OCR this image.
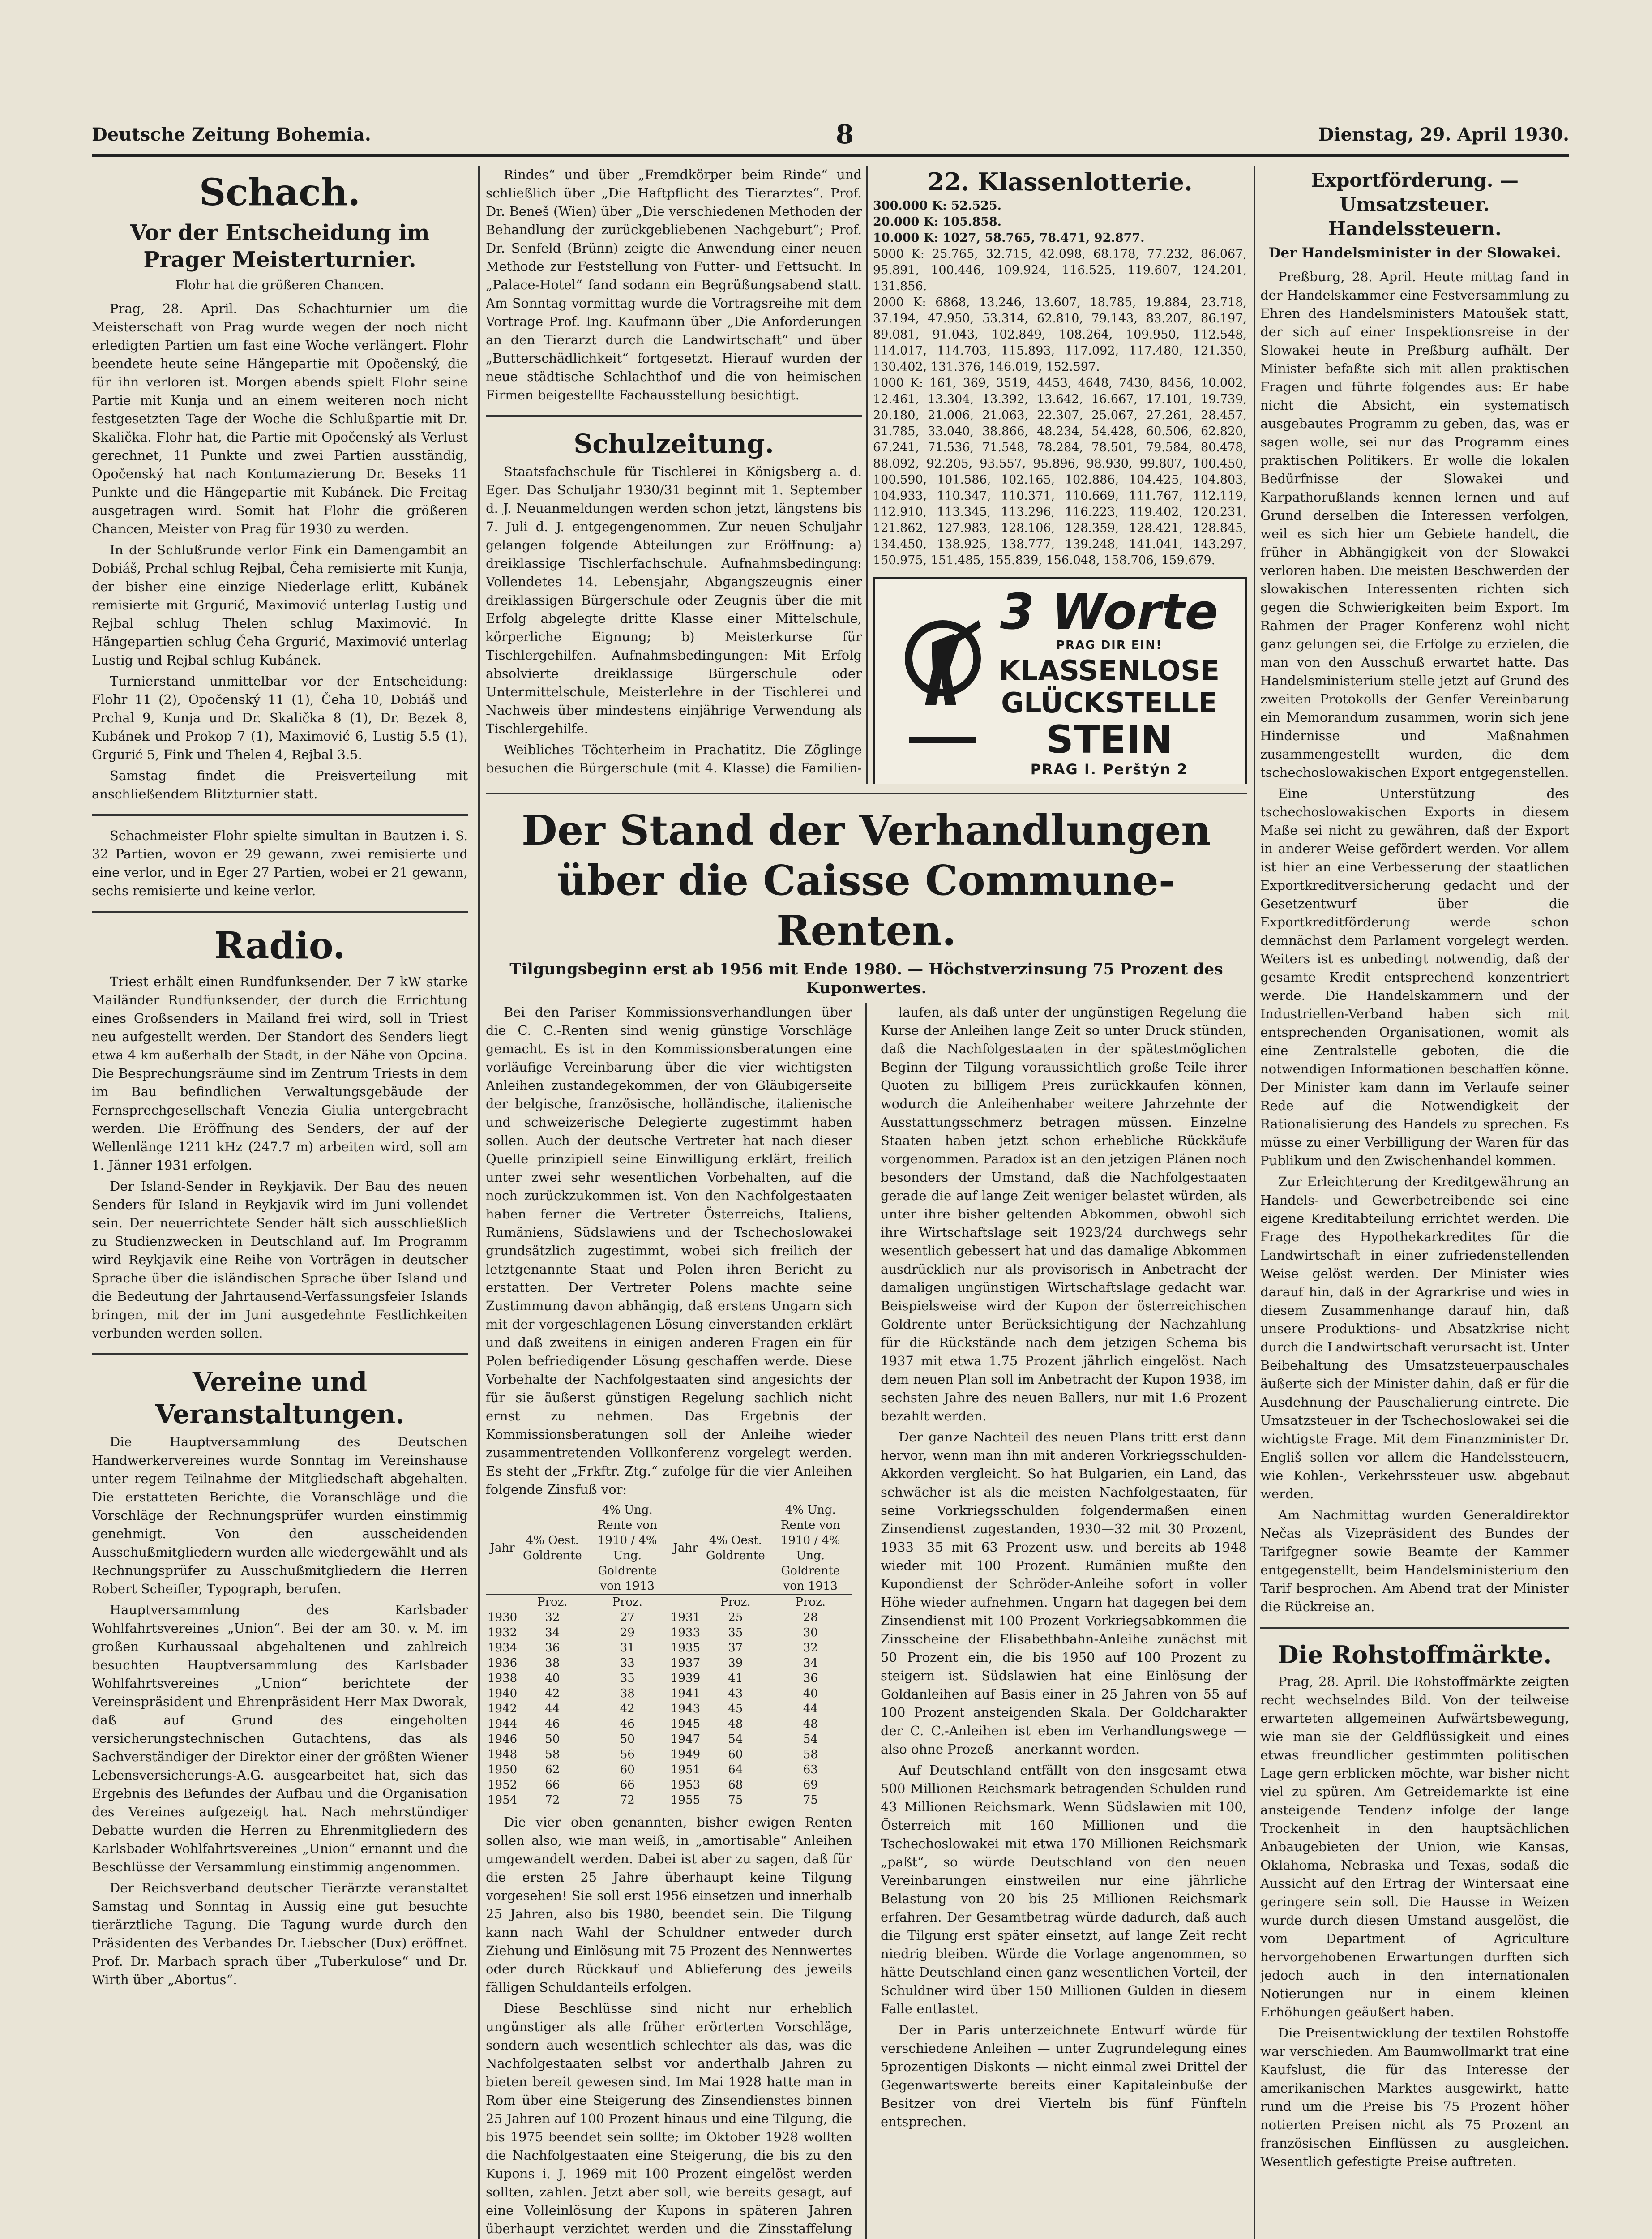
Deutsche Zeitung Bohemia.	8	Dienstag, 29. April 1930.
Schach.
Vor der Entscheidung im Prager Meisterturnier.
Flohr hat die größeren Chancen.

Prag, 28. April. Das Schachturnier um die Meisterschaft von Prag wurde wegen der noch nicht erledigten Partien um fast eine Woche verlängert. Flohr beendete heute seine Hängepartie mit Opočenský, die für ihn verloren ist. Morgen abends spielt Flohr seine Partie mit Kunja und an einem weiteren noch nicht festgesetzten Tage der Woche die Schlußpartie mit Dr. Skalička. Flohr hat, die Partie mit Opočenský als Verlust gerechnet, 11 Punkte und zwei Partien ausständig, Opočenský hat nach Kontumazierung Dr. Beseks 11 Punkte und die Hängepartie mit Kubánek. Die Freitag ausgetragen wird. Somit hat Flohr die größeren Chancen, Meister von Prag für 1930 zu werden.

In der Schlußrunde verlor Fink ein Damengambit an Dobiáš, Prchal schlug Rejbal, Čeha remisierte mit Kunja, der bisher eine einzige Niederlage erlitt, Kubánek remisierte mit Grgurić, Maximović unterlag Lustig und Rejbal schlug Thelen schlug Maximović. In Hängepartien schlug Čeha Grgurić, Maximović unterlag Lustig und Rejbal schlug Kubánek.

Turnierstand unmittelbar vor der Entscheidung: Flohr 11 (2), Opočenský 11 (1), Čeha 10, Dobiáš und Prchal 9, Kunja und Dr. Skalička 8 (1), Dr. Bezek 8, Kubánek und Prokop 7 (1), Maximović 6, Lustig 5.5 (1), Grgurić 5, Fink und Thelen 4, Rejbal 3.5.

Samstag findet die Preisverteilung mit anschließendem Blitzturnier statt.

Schachmeister Flohr spielte simultan in Bautzen i. S. 32 Partien, wovon er 29 gewann, zwei remisierte und eine verlor, und in Eger 27 Partien, wobei er 21 gewann, sechs remisierte und keine verlor.

Radio.

Triest erhält einen Rundfunksender. Der 7 kW starke Mailänder Rundfunksender, der durch die Errichtung eines Großsenders in Mailand frei wird, soll in Triest neu aufgestellt werden. Der Standort des Senders liegt etwa 4 km außerhalb der Stadt, in der Nähe von Opcina. Die Besprechungsräume sind im Zentrum Triests in dem im Bau befindlichen Verwaltungsgebäude der Fernsprechgesellschaft Venezia Giulia untergebracht werden. Die Eröffnung des Senders, der auf der Wellenlänge 1211 kHz (247.7 m) arbeiten wird, soll am 1. Jänner 1931 erfolgen.

Der Island-Sender in Reykjavik. Der Bau des neuen Senders für Island in Reykjavik wird im Juni vollendet sein. Der neuerrichtete Sender hält sich ausschließlich zu Studienzwecken in Deutschland auf. Im Programm wird Reykjavik eine Reihe von Vorträgen in deutscher Sprache über die isländischen Sprache über Island und die Bedeutung der Jahrtausend-Verfassungsfeier Islands bringen, mit der im Juni ausgedehnte Festlichkeiten verbunden werden sollen.

Vereine und Veranstaltungen.

Die Hauptversammlung des Deutschen Handwerkervereines wurde Sonntag im Vereinshause unter regem Teilnahme der Mitgliedschaft abgehalten. Die erstatteten Berichte, die Voranschläge und die Vorschläge der Rechnungsprüfer wurden einstimmig genehmigt. Von den ausscheidenden Ausschußmitgliedern wurden alle wiedergewählt und als Rechnungsprüfer zu Ausschußmitgliedern die Herren Robert Scheifler, Typograph, berufen.

Hauptversammlung des Karlsbader Wohlfahrtsvereines „Union“. Bei der am 30. v. M. im großen Kurhaussaal abgehaltenen und zahlreich besuchten Hauptversammlung des Karlsbader Wohlfahrtsvereines „Union“ berichtete der Vereinspräsident und Ehrenpräsident Herr Max Dworak, daß auf Grund des eingeholten versicherungstechnischen Gutachtens, das als Sachverständiger der Direktor einer der größten Wiener Lebensversicherungs-A.G. ausgearbeitet hat, sich das Ergebnis des Befundes der Aufbau und die Organisation des Vereines aufgezeigt hat. Nach mehrstündiger Debatte wurden die Herren zu Ehrenmitgliedern des Karlsbader Wohlfahrtsvereines „Union“ ernannt und die Beschlüsse der Versammlung einstimmig angenommen.

Der Reichsverband deutscher Tierärzte veranstaltet Samstag und Sonntag in Aussig eine gut besuchte tierärztliche Tagung. Die Tagung wurde durch den Präsidenten des Verbandes Dr. Liebscher (Dux) eröffnet. Prof. Dr. Marbach sprach über „Tuberkulose“ und Dr. Wirth über „Abortus“.

Rindes“ und über „Fremdkörper beim Rinde“ und schließlich über „Die Haftpflicht des Tierarztes“. Prof. Dr. Beneš (Wien) über „Die verschiedenen Methoden der Behandlung der zurückgebliebenen Nachgeburt“; Prof. Dr. Senfeld (Brünn) zeigte die Anwendung einer neuen Methode zur Feststellung von Futter- und Fettsucht. In „Palace-Hotel“ fand sodann ein Begrüßungsabend statt. Am Sonntag vormittag wurde die Vortragsreihe mit dem Vortrage Prof. Ing. Kaufmann über „Die Anforderungen an den Tierarzt durch die Landwirtschaft“ und über „Butterschädlichkeit“ fortgesetzt. Hierauf wurden der neue städtische Schlachthof und die von heimischen Firmen beigestellte Fachausstellung besichtigt.

Schulzeitung.

Staatsfachschule für Tischlerei in Königsberg a. d. Eger. Das Schuljahr 1930/31 beginnt mit 1. September d. J. Neuanmeldungen werden schon jetzt, längstens bis 7. Juli d. J. entgegengenommen. Zur neuen Schuljahr gelangen folgende Abteilungen zur Eröffnung: a) dreiklassige Tischlerfachschule. Aufnahmsbedingung: Vollendetes 14. Lebensjahr, Abgangszeugnis einer dreiklassigen Bürgerschule oder Zeugnis über die mit Erfolg abgelegte dritte Klasse einer Mittelschule, körperliche Eignung; b) Meisterkurse für Tischlergehilfen. Aufnahmsbedingungen: Mit Erfolg absolvierte dreiklassige Bürgerschule oder Untermittelschule, Meisterlehre in der Tischlerei und Nachweis über mindestens einjährige Verwendung als Tischlergehilfe.

Weibliches Töchterheim in Prachatitz. Die Zöglinge besuchen die Bürgerschule (mit 4. Klasse) die Familien-

22. Klassenlotterie.

300.000 K: 52.525.

20.000 K: 105.858.

10.000 K: 1027, 58.765, 78.471, 92.877.

5000 K: 25.765, 32.715, 42.098, 68.178, 77.232, 86.067, 95.891, 100.446, 109.924, 116.525, 119.607, 124.201, 131.856.

2000 K: 6868, 13.246, 13.607, 18.785, 19.884, 23.718, 37.194, 47.950, 53.314, 62.810, 79.143, 83.207, 86.197, 89.081, 91.043, 102.849, 108.264, 109.950, 112.548, 114.017, 114.703, 115.893, 117.092, 117.480, 121.350, 130.402, 131.376, 146.019, 152.597.

1000 K: 161, 369, 3519, 4453, 4648, 7430, 8456, 10.002, 12.461, 13.304, 13.392, 13.642, 16.667, 17.101, 19.739, 20.180, 21.006, 21.063, 22.307, 25.067, 27.261, 28.457, 31.785, 33.040, 38.866, 48.234, 54.428, 60.506, 62.820, 67.241, 71.536, 71.548, 78.284, 78.501, 79.584, 80.478, 88.092, 92.205, 93.557, 95.896, 98.930, 99.807, 100.450, 100.590, 101.586, 102.165, 102.886, 104.425, 104.803, 104.933, 110.347, 110.371, 110.669, 111.767, 112.119, 112.910, 113.345, 113.296, 116.223, 119.402, 120.231, 121.862, 127.983, 128.106, 128.359, 128.421, 128.845, 134.450, 138.925, 138.777, 139.248, 141.041, 143.297, 150.975, 151.485, 155.839, 156.048, 158.706, 159.679.

3 Worte
PRAG DIR EIN!
KLASSENLOSE
GLÜCKSTELLE
STEIN
PRAG I. Perštýn 2
Der Stand der Verhandlungen über die Caisse Commune-Renten.
Tilgungsbeginn erst ab 1956 mit Ende 1980. — Höchstverzinsung 75 Prozent des Kuponwertes.

Bei den Pariser Kommissionsverhandlungen über die C. C.-Renten sind wenig günstige Vorschläge gemacht. Es ist in den Kommissionsberatungen eine vorläufige Vereinbarung über die vier wichtigsten Anleihen zustandegekommen, der von Gläubigerseite der belgische, französische, holländische, italienische und schweizerische Delegierte zugestimmt haben sollen. Auch der deutsche Vertreter hat nach dieser Quelle prinzipiell seine Einwilligung erklärt, freilich unter zwei sehr wesentlichen Vorbehalten, auf die noch zurückzukommen ist. Von den Nachfolgestaaten haben ferner die Vertreter Österreichs, Italiens, Rumäniens, Südslawiens und der Tschechoslowakei grundsätzlich zugestimmt, wobei sich freilich der letztgenannte Staat und Polen ihren Bericht zu erstatten. Der Vertreter Polens machte seine Zustimmung davon abhängig, daß erstens Ungarn sich mit der vorgeschlagenen Lösung einverstanden erklärt und daß zweitens in einigen anderen Fragen ein für Polen befriedigender Lösung geschaffen werde. Diese Vorbehalte der Nachfolgestaaten sind angesichts der für sie äußerst günstigen Regelung sachlich nicht ernst zu nehmen. Das Ergebnis der Kommissionsberatungen soll der Anleihe wieder zusammentretenden Vollkonferenz vorgelegt werden. Es steht der „Frkftr. Ztg.“ zufolge für die vier Anleihen folgende Zinsfuß vor:

Jahr	4% Oest. Goldrente	4% Ung. Rente von 1910 / 4% Ung. Goldrente von 1913	Jahr	4% Oest. Goldrente	4% Ung. Rente von 1910 / 4% Ung. Goldrente von 1913
	Proz.	Proz.		Proz.	Proz.
1930	32	27	1931	25	28
1932	34	29	1933	35	30
1934	36	31	1935	37	32
1936	38	33	1937	39	34
1938	40	35	1939	41	36
1940	42	38	1941	43	40
1942	44	42	1943	45	44
1944	46	46	1945	48	48
1946	50	50	1947	54	54
1948	58	56	1949	60	58
1950	62	60	1951	64	63
1952	66	66	1953	68	69
1954	72	72	1955	75	75

Die vier oben genannten, bisher ewigen Renten sollen also, wie man weiß, in „amortisable“ Anleihen umgewandelt werden. Dabei ist aber zu sagen, daß für die ersten 25 Jahre überhaupt keine Tilgung vorgesehen! Sie soll erst 1956 einsetzen und innerhalb 25 Jahren, also bis 1980, beendet sein. Die Tilgung kann nach Wahl der Schuldner entweder durch Ziehung und Einlösung mit 75 Prozent des Nennwertes oder durch Rückkauf und Ablieferung des jeweils fälligen Schuldanteils erfolgen.

Diese Beschlüsse sind nicht nur erheblich ungünstiger als alle früher erörterten Vorschläge, sondern auch wesentlich schlechter als das, was die Nachfolgestaaten selbst vor anderthalb Jahren zu bieten bereit gewesen sind. Im Mai 1928 hatte man in Rom über eine Steigerung des Zinsendienstes binnen 25 Jahren auf 100 Prozent hinaus und eine Tilgung, die bis 1975 beendet sein sollte; im Oktober 1928 wollten die Nachfolgestaaten eine Steigerung, die bis zu den Kupons i. J. 1969 mit 100 Prozent eingelöst werden sollten, zahlen. Jetzt aber soll, wie bereits gesagt, auf eine Volleinlösung der Kupons in späteren Jahren überhaupt verzichtet werden und die Zinsstaffelung

laufen, als daß unter der ungünstigen Regelung die Kurse der Anleihen lange Zeit so unter Druck stünden, daß die Nachfolgestaaten in der spätestmöglichen Beginn der Tilgung voraussichtlich große Teile ihrer Quoten zu billigem Preis zurückkaufen können, wodurch die Anleihenhaber weitere Jahrzehnte der Ausstattungsschmerz betragen müssen. Einzelne Staaten haben jetzt schon erhebliche Rückkäufe vorgenommen. Paradox ist an den jetzigen Plänen noch besonders der Umstand, daß die Nachfolgestaaten gerade die auf lange Zeit weniger belastet würden, als unter ihre bisher geltenden Abkommen, obwohl sich ihre Wirtschaftslage seit 1923/24 durchwegs sehr wesentlich gebessert hat und das damalige Abkommen ausdrücklich nur als provisorisch in Anbetracht der damaligen ungünstigen Wirtschaftslage gedacht war. Beispielsweise wird der Kupon der österreichischen Goldrente unter Berücksichtigung der Nachzahlung für die Rückstände nach dem jetzigen Schema bis 1937 mit etwa 1.75 Prozent jährlich eingelöst. Nach dem neuen Plan soll im Anbetracht der Kupon 1938, im sechsten Jahre des neuen Ballers, nur mit 1.6 Prozent bezahlt werden.

Der ganze Nachteil des neuen Plans tritt erst dann hervor, wenn man ihn mit anderen Vorkriegsschulden-Akkorden vergleicht. So hat Bulgarien, ein Land, das schwächer ist als die meisten Nachfolgestaaten, für seine Vorkriegsschulden folgendermaßen einen Zinsendienst zugestanden, 1930—32 mit 30 Prozent, 1933—35 mit 63 Prozent usw. und bereits ab 1948 wieder mit 100 Prozent. Rumänien mußte den Kupondienst der Schröder-Anleihe sofort in voller Höhe wieder aufnehmen. Ungarn hat dagegen bei dem Zinsendienst mit 100 Prozent Vorkriegsabkommen die Zinsscheine der Elisabethbahn-Anleihe zunächst mit 50 Prozent ein, die bis 1950 auf 100 Prozent zu steigern ist. Südslawien hat eine Einlösung der Goldanleihen auf Basis einer in 25 Jahren von 55 auf 100 Prozent ansteigenden Skala. Der Goldcharakter der C. C.-Anleihen ist eben im Verhandlungswege — also ohne Prozeß — anerkannt worden.

Auf Deutschland entfällt von den insgesamt etwa 500 Millionen Reichsmark betragenden Schulden rund 43 Millionen Reichsmark. Wenn Südslawien mit 100, Österreich mit 160 Millionen und die Tschechoslowakei mit etwa 170 Millionen Reichsmark „paßt“, so würde Deutschland von den neuen Vereinbarungen einstweilen nur eine jährliche Belastung von 20 bis 25 Millionen Reichsmark erfahren. Der Gesamtbetrag würde dadurch, daß auch die Tilgung erst später einsetzt, auf lange Zeit recht niedrig bleiben. Würde die Vorlage angenommen, so hätte Deutschland einen ganz wesentlichen Vorteil, der Schuldner wird über 150 Millionen Gulden in diesem Falle entlastet.

Der in Paris unterzeichnete Entwurf würde für verschiedene Anleihen — unter Zugrundelegung eines 5prozentigen Diskonts — nicht einmal zwei Drittel der Gegenwartswerte bereits einer Kapitaleinbuße der Besitzer von drei Vierteln bis fünf Fünfteln entsprechen.

Exportförderung. — Umsatzsteuer. Handelssteuern.
Der Handelsminister in der Slowakei.

Preßburg, 28. April. Heute mittag fand in der Handelskammer eine Festversammlung zu Ehren des Handelsministers Matoušek statt, der sich auf einer Inspektionsreise in der Slowakei heute in Preßburg aufhält. Der Minister befaßte sich mit allen praktischen Fragen und führte folgendes aus: Er habe nicht die Absicht, ein systematisch ausgebautes Programm zu geben, das, was er sagen wolle, sei nur das Programm eines praktischen Politikers. Er wolle die lokalen Bedürfnisse der Slowakei und Karpathorußlands kennen lernen und auf Grund derselben die Interessen verfolgen, weil es sich hier um Gebiete handelt, die früher in Abhängigkeit von der Slowakei verloren haben. Die meisten Beschwerden der slowakischen Interessenten richten sich gegen die Schwierigkeiten beim Export. Im Rahmen der Prager Konferenz wohl nicht ganz gelungen sei, die Erfolge zu erzielen, die man von den Ausschuß erwartet hatte. Das Handelsministerium stelle jetzt auf Grund des zweiten Protokolls der Genfer Vereinbarung ein Memorandum zusammen, worin sich jene Hindernisse und Maßnahmen zusammengestellt wurden, die dem tschechoslowakischen Export entgegenstellen.

Eine Unterstützung des tschechoslowakischen Exports in diesem Maße sei nicht zu gewähren, daß der Export in anderer Weise gefördert werden. Vor allem ist hier an eine Verbesserung der staatlichen Exportkreditversicherung gedacht und der Gesetzentwurf über die Exportkreditförderung werde schon demnächst dem Parlament vorgelegt werden. Weiters ist es unbedingt notwendig, daß der gesamte Kredit entsprechend konzentriert werde. Die Handelskammern und der Industriellen-Verband haben sich mit entsprechenden Organisationen, womit als eine Zentralstelle geboten, die die notwendigen Informationen beschaffen könne. Der Minister kam dann im Verlaufe seiner Rede auf die Notwendigkeit der Rationalisierung des Handels zu sprechen. Es müsse zu einer Verbilligung der Waren für das Publikum und den Zwischenhandel kommen.

Zur Erleichterung der Kreditgewährung an Handels- und Gewerbetreibende sei eine eigene Kreditabteilung errichtet werden. Die Frage des Hypothekarkredites für die Landwirtschaft in einer zufriedenstellenden Weise gelöst werden. Der Minister wies darauf hin, daß in der Agrarkrise und wies in diesem Zusammenhange darauf hin, daß unsere Produktions- und Absatzkrise nicht durch die Landwirtschaft verursacht ist. Unter Beibehaltung des Umsatzsteuerpauschales äußerte sich der Minister dahin, daß er für die Ausdehnung der Pauschalierung eintrete. Die Umsatzsteuer in der Tschechoslowakei sei die wichtigste Frage. Mit dem Finanzminister Dr. Engliš sollen vor allem die Handelssteuern, wie Kohlen-, Verkehrssteuer usw. abgebaut werden.

Am Nachmittag wurden Generaldirektor Nečas als Vizepräsident des Bundes der Tarifgegner sowie Beamte der Kammer entgegenstellt, beim Handelsministerium den Tarif besprochen. Am Abend trat der Minister die Rückreise an.

Die Rohstoffmärkte.

Prag, 28. April. Die Rohstoffmärkte zeigten recht wechselndes Bild. Von der teilweise erwarteten allgemeinen Aufwärtsbewegung, wie man sie der Geldflüssigkeit und eines etwas freundlicher gestimmten politischen Lage gern erblicken möchte, war bisher nicht viel zu spüren. Am Getreidemarkte ist eine ansteigende Tendenz infolge der lange Trockenheit in den hauptsächlichen Anbaugebieten der Union, wie Kansas, Oklahoma, Nebraska und Texas, sodaß die Aussicht auf den Ertrag der Wintersaat eine geringere sein soll. Die Hausse in Weizen wurde durch diesen Umstand ausgelöst, die vom Department of Agriculture hervorgehobenen Erwartungen durften sich jedoch auch in den internationalen Notierungen nur in einem kleinen Erhöhungen geäußert haben.

Die Preisentwicklung der textilen Rohstoffe war verschieden. Am Baumwollmarkt trat eine Kaufslust, die für das Interesse der amerikanischen Marktes ausgewirkt, hatte rund um die Preise bis 75 Prozent höher notierten Preisen nicht als 75 Prozent an französischen Einflüssen zu ausgleichen. Wesentlich gefestigte Preise auftreten.
